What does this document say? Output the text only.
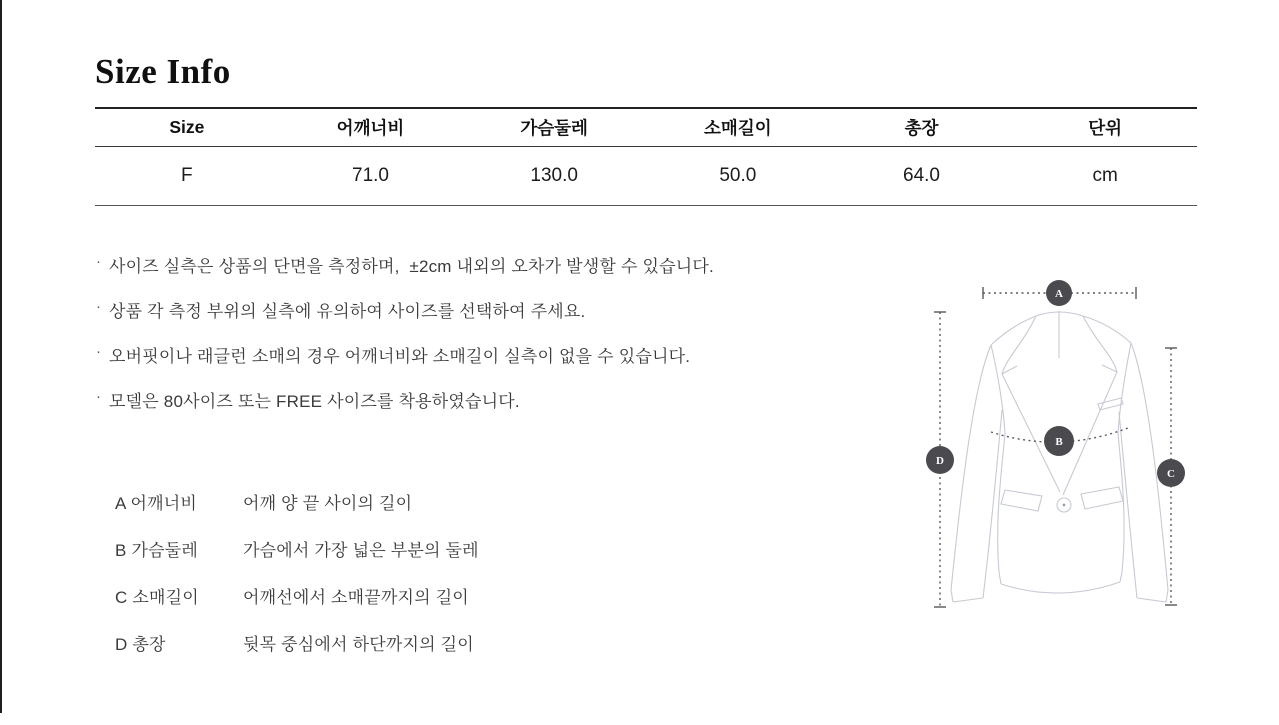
Size Info
Size	어깨너비	가슴둘레	소매길이	총장	단위
F	71.0	130.0	50.0	64.0	cm
· 사이즈 실측은 상품의 단면을 측정하며,  ±2cm 내외의 오차가 발생할 수 있습니다.
· 상품 각 측정 부위의 실측에 유의하여 사이즈를 선택하여 주세요.
· 오버핏이나 래글런 소매의 경우 어깨너비와 소매길이 실측이 없을 수 있습니다.
· 모델은 80사이즈 또는 FREE 사이즈를 착용하였습니다.
A 어깨너비	어깨 양 끝 사이의 길이
B 가슴둘레	가슴에서 가장 넓은 부분의 둘레
C 소매길이	어깨선에서 소매끝까지의 길이
D 총장	뒷목 중심에서 하단까지의 길이
A
B
C
D
